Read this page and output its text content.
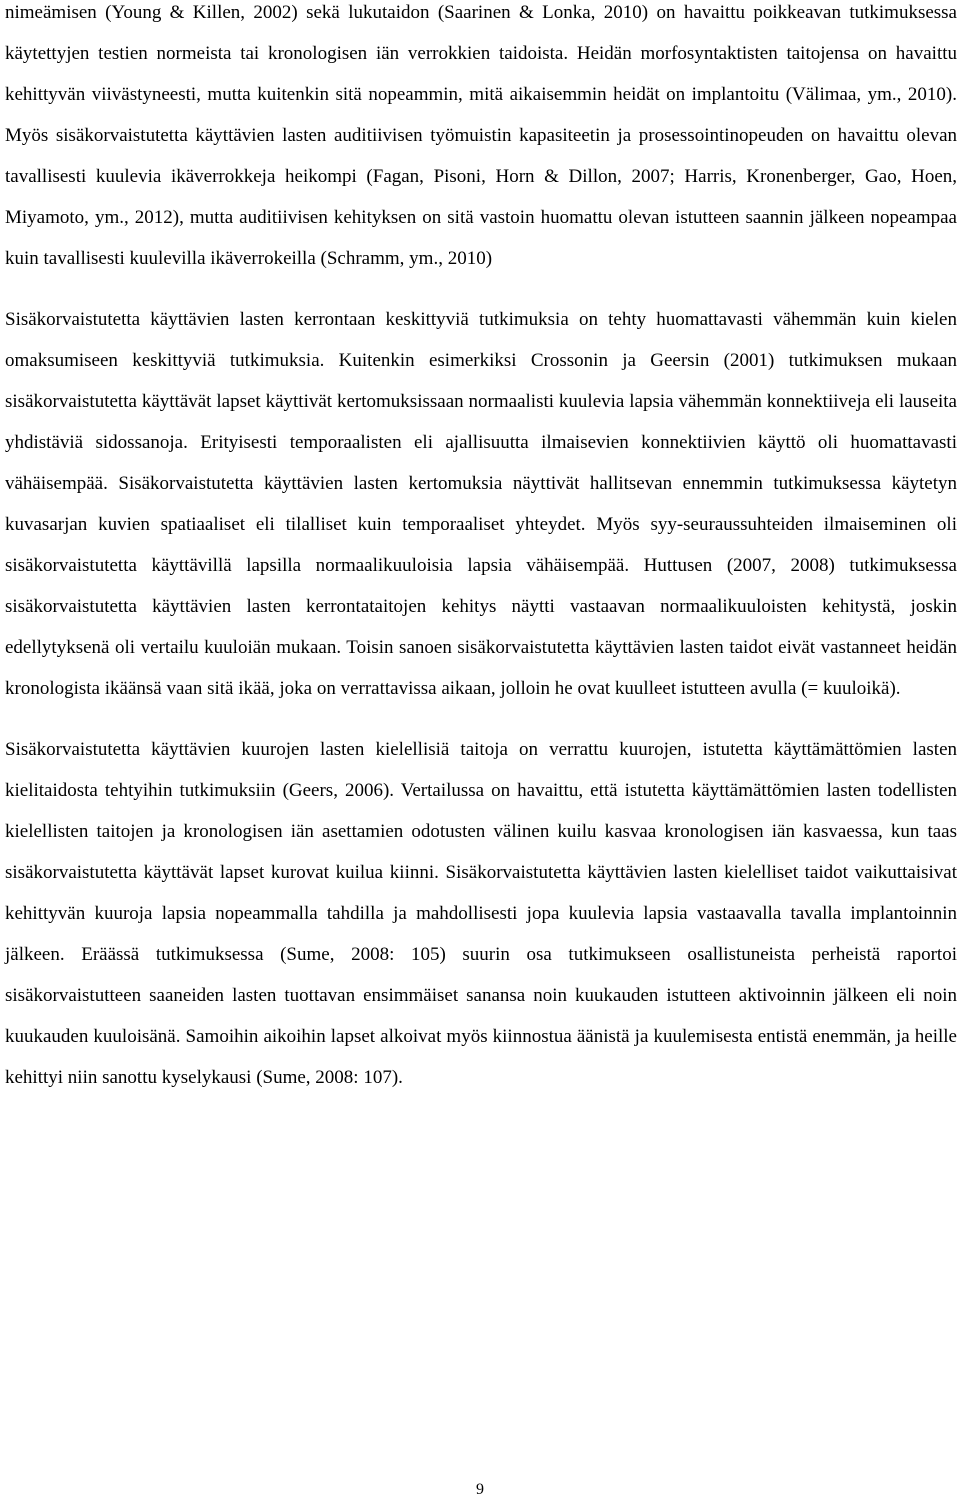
nimeämisen (Young & Killen, 2002) sekä lukutaidon (Saarinen & Lonka, 2010) on havaittu poikkeavan tutkimuksessa käytettyjen testien normeista tai kronologisen iän verrokkien taidoista. Heidän morfosyntaktisten taitojensa on havaittu kehittyvän viivästyneesti, mutta kuitenkin sitä nopeammin, mitä aikaisemmin heidät on implantoitu (Välimaa, ym., 2010). Myös sisäkorvaistutetta käyttävien lasten auditiivisen työmuistin kapasiteetin ja prosessointinopeuden on havaittu olevan tavallisesti kuulevia ikäverrokkeja heikompi (Fagan, Pisoni, Horn & Dillon, 2007; Harris, Kronenberger, Gao, Hoen, Miyamoto, ym., 2012), mutta auditiivisen kehityksen on sitä vastoin huomattu olevan istutteen saannin jälkeen nopeampaa kuin tavallisesti kuulevilla ikäverrokeilla (Schramm, ym., 2010)

Sisäkorvaistutetta käyttävien lasten kerrontaan keskittyviä tutkimuksia on tehty huomattavasti vähemmän kuin kielen omaksumiseen keskittyviä tutkimuksia. Kuitenkin esimerkiksi Crossonin ja Geersin (2001) tutkimuksen mukaan sisäkorvaistutetta käyttävät lapset käyttivät kertomuksissaan normaalisti kuulevia lapsia vähemmän konnektiiveja eli lauseita yhdistäviä sidossanoja. Erityisesti temporaalisten eli ajallisuutta ilmaisevien konnektiivien käyttö oli huomattavasti vähäisempää. Sisäkorvaistutetta käyttävien lasten kertomuksia näyttivät hallitsevan ennemmin tutkimuksessa käytetyn kuvasarjan kuvien spatiaaliset eli tilalliset kuin temporaaliset yhteydet. Myös syy-seuraussuhteiden ilmaiseminen oli sisäkorvaistutetta käyttävillä lapsilla normaalikuuloisia lapsia vähäisempää. Huttusen (2007, 2008) tutkimuksessa sisäkorvaistutetta käyttävien lasten kerrontataitojen kehitys näytti vastaavan normaalikuuloisten kehitystä, joskin edellytyksenä oli vertailu kuuloiän mukaan. Toisin sanoen sisäkorvaistutetta käyttävien lasten taidot eivät vastanneet heidän kronologista ikäänsä vaan sitä ikää, joka on verrattavissa aikaan, jolloin he ovat kuulleet istutteen avulla (= kuuloikä).

Sisäkorvaistutetta käyttävien kuurojen lasten kielellisiä taitoja on verrattu kuurojen, istutetta käyttämättömien lasten kielitaidosta tehtyihin tutkimuksiin (Geers, 2006). Vertailussa on havaittu, että istutetta käyttämättömien lasten todellisten kielellisten taitojen ja kronologisen iän asettamien odotusten välinen kuilu kasvaa kronologisen iän kasvaessa, kun taas sisäkorvaistutetta käyttävät lapset kurovat kuilua kiinni. Sisäkorvaistutetta käyttävien lasten kielelliset taidot vaikuttaisivat kehittyvän kuuroja lapsia nopeammalla tahdilla ja mahdollisesti jopa kuulevia lapsia vastaavalla tavalla implantoinnin jälkeen. Eräässä tutkimuksessa (Sume, 2008: 105) suurin osa tutkimukseen osallistuneista perheistä raportoi sisäkorvaistutteen saaneiden lasten tuottavan ensimmäiset sanansa noin kuukauden istutteen aktivoinnin jälkeen eli noin kuukauden kuuloisänä. Samoihin aikoihin lapset alkoivat myös kiinnostua äänistä ja kuulemisesta entistä enemmän, ja heille kehittyi niin sanottu kyselykausi (Sume, 2008: 107).

9
